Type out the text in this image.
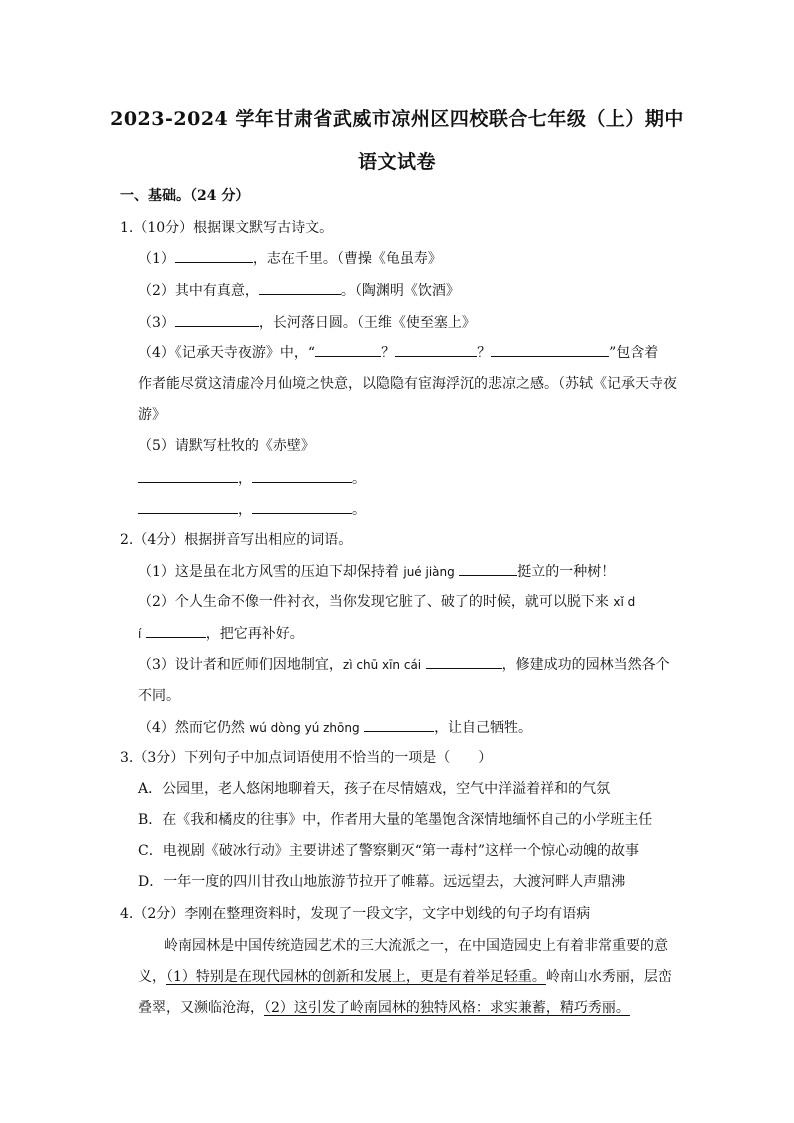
2023-2024 学年甘肃省武威市凉州区四校联合七年级（上）期中
语文试卷
一、基础。（24 分）
1.（10分）根据课文默写古诗文。
（1）	，志在千里。（曹操《龟虽寿》
（2）其中有真意，	。（陶渊明《饮酒》
（3）	，长河落日圆。（王维《使至塞上》
（4）《记承天寺夜游》中，“	？	？	”包含着
作者能尽赏这清虚冷月仙境之快意，以隐隐有宦海浮沉的悲凉之感。（苏轼《记承天寺夜
游》
（5）请默写杜牧的《赤壁》
，	。
，	。
2.（4分）根据拼音写出相应的词语。
（1）这是虽在北方风雪的压迫下却保持着 jué jiàng	挺立的一种树！
（2）个人生命不像一件衬衣，当你发现它脏了、破了的时候，就可以脱下来 xǐ d
í	，把它再补好。
（3）设计者和匠师们因地制宜，zì chū xīn cái	，修建成功的园林当然各个
不同。
（4）然而它仍然 wú dòng yú zhōng	，让自己牺牲。
3.（3分）下列句子中加点词语使用不恰当的一项是（　　）
A．公园里，老人悠闲地聊着天，孩子在尽情嬉戏，空气中洋溢着祥和的气氛
B．在《我和橘皮的往事》中，作者用大量的笔墨饱含深情地缅怀自己的小学班主任
C．电视剧《破冰行动》主要讲述了警察剿灭“第一毒村”这样一个惊心动魄的故事
D．一年一度的四川甘孜山地旅游节拉开了帷幕。远远望去，大渡河畔人声鼎沸
4.（2分）李刚在整理资料时，发现了一段文字，文字中划线的句子均有语病
岭南园林是中国传统造园艺术的三大流派之一，在中国造园史上有着非常重要的意
义，（1）特别是在现代园林的创新和发展上，更是有着举足轻重。岭南山水秀丽，层峦
叠翠，又濒临沧海，（2）这引发了岭南园林的独特风格：求实兼蓄，精巧秀丽。
